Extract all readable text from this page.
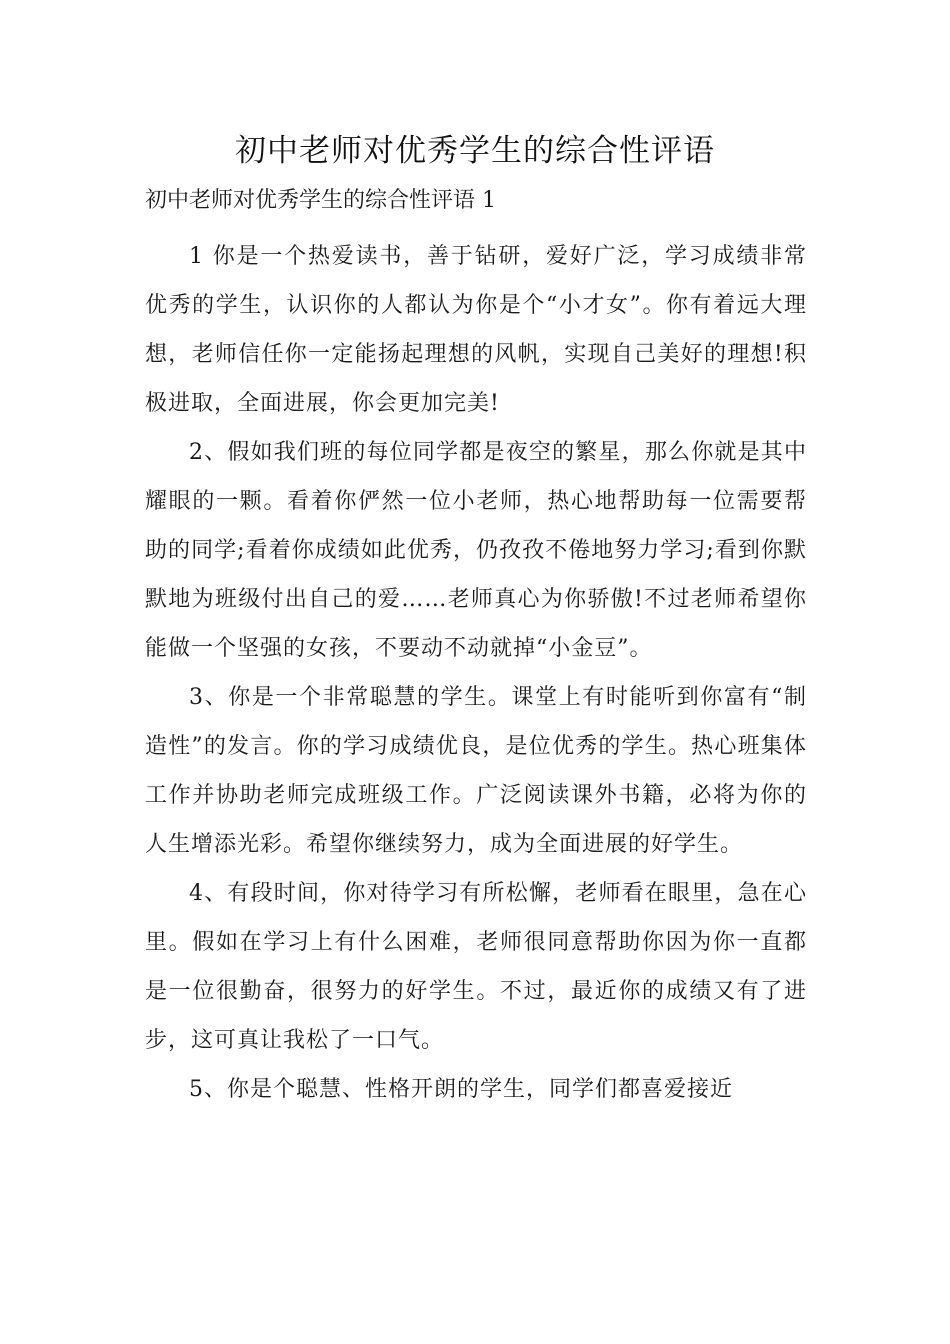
初中老师对优秀学生的综合性评语
初中老师对优秀学生的综合性评语 1

1 你是一个热爱读书，善于钻研，爱好广泛，学习成绩非常优秀的学生，认识你的人都认为你是个“小才女”。你有着远大理想，老师信任你一定能扬起理想的风帆，实现自己美好的理想!积极进取，全面进展，你会更加完美!

2、假如我们班的每位同学都是夜空的繁星，那么你就是其中耀眼的一颗。看着你俨然一位小老师，热心地帮助每一位需要帮助的同学;看着你成绩如此优秀，仍孜孜不倦地努力学习;看到你默默地为班级付出自己的爱……老师真心为你骄傲!不过老师希望你能做一个坚强的女孩，不要动不动就掉“小金豆”。

3、你是一个非常聪慧的学生。课堂上有时能听到你富有“制造性”的发言。你的学习成绩优良，是位优秀的学生。热心班集体工作并协助老师完成班级工作。广泛阅读课外书籍，必将为你的人生增添光彩。希望你继续努力，成为全面进展的好学生。

4、有段时间，你对待学习有所松懈，老师看在眼里，急在心里。假如在学习上有什么困难，老师很同意帮助你因为你一直都是一位很勤奋，很努力的好学生。不过，最近你的成绩又有了进步，这可真让我松了一口气。

5、你是个聪慧、性格开朗的学生，同学们都喜爱接近
